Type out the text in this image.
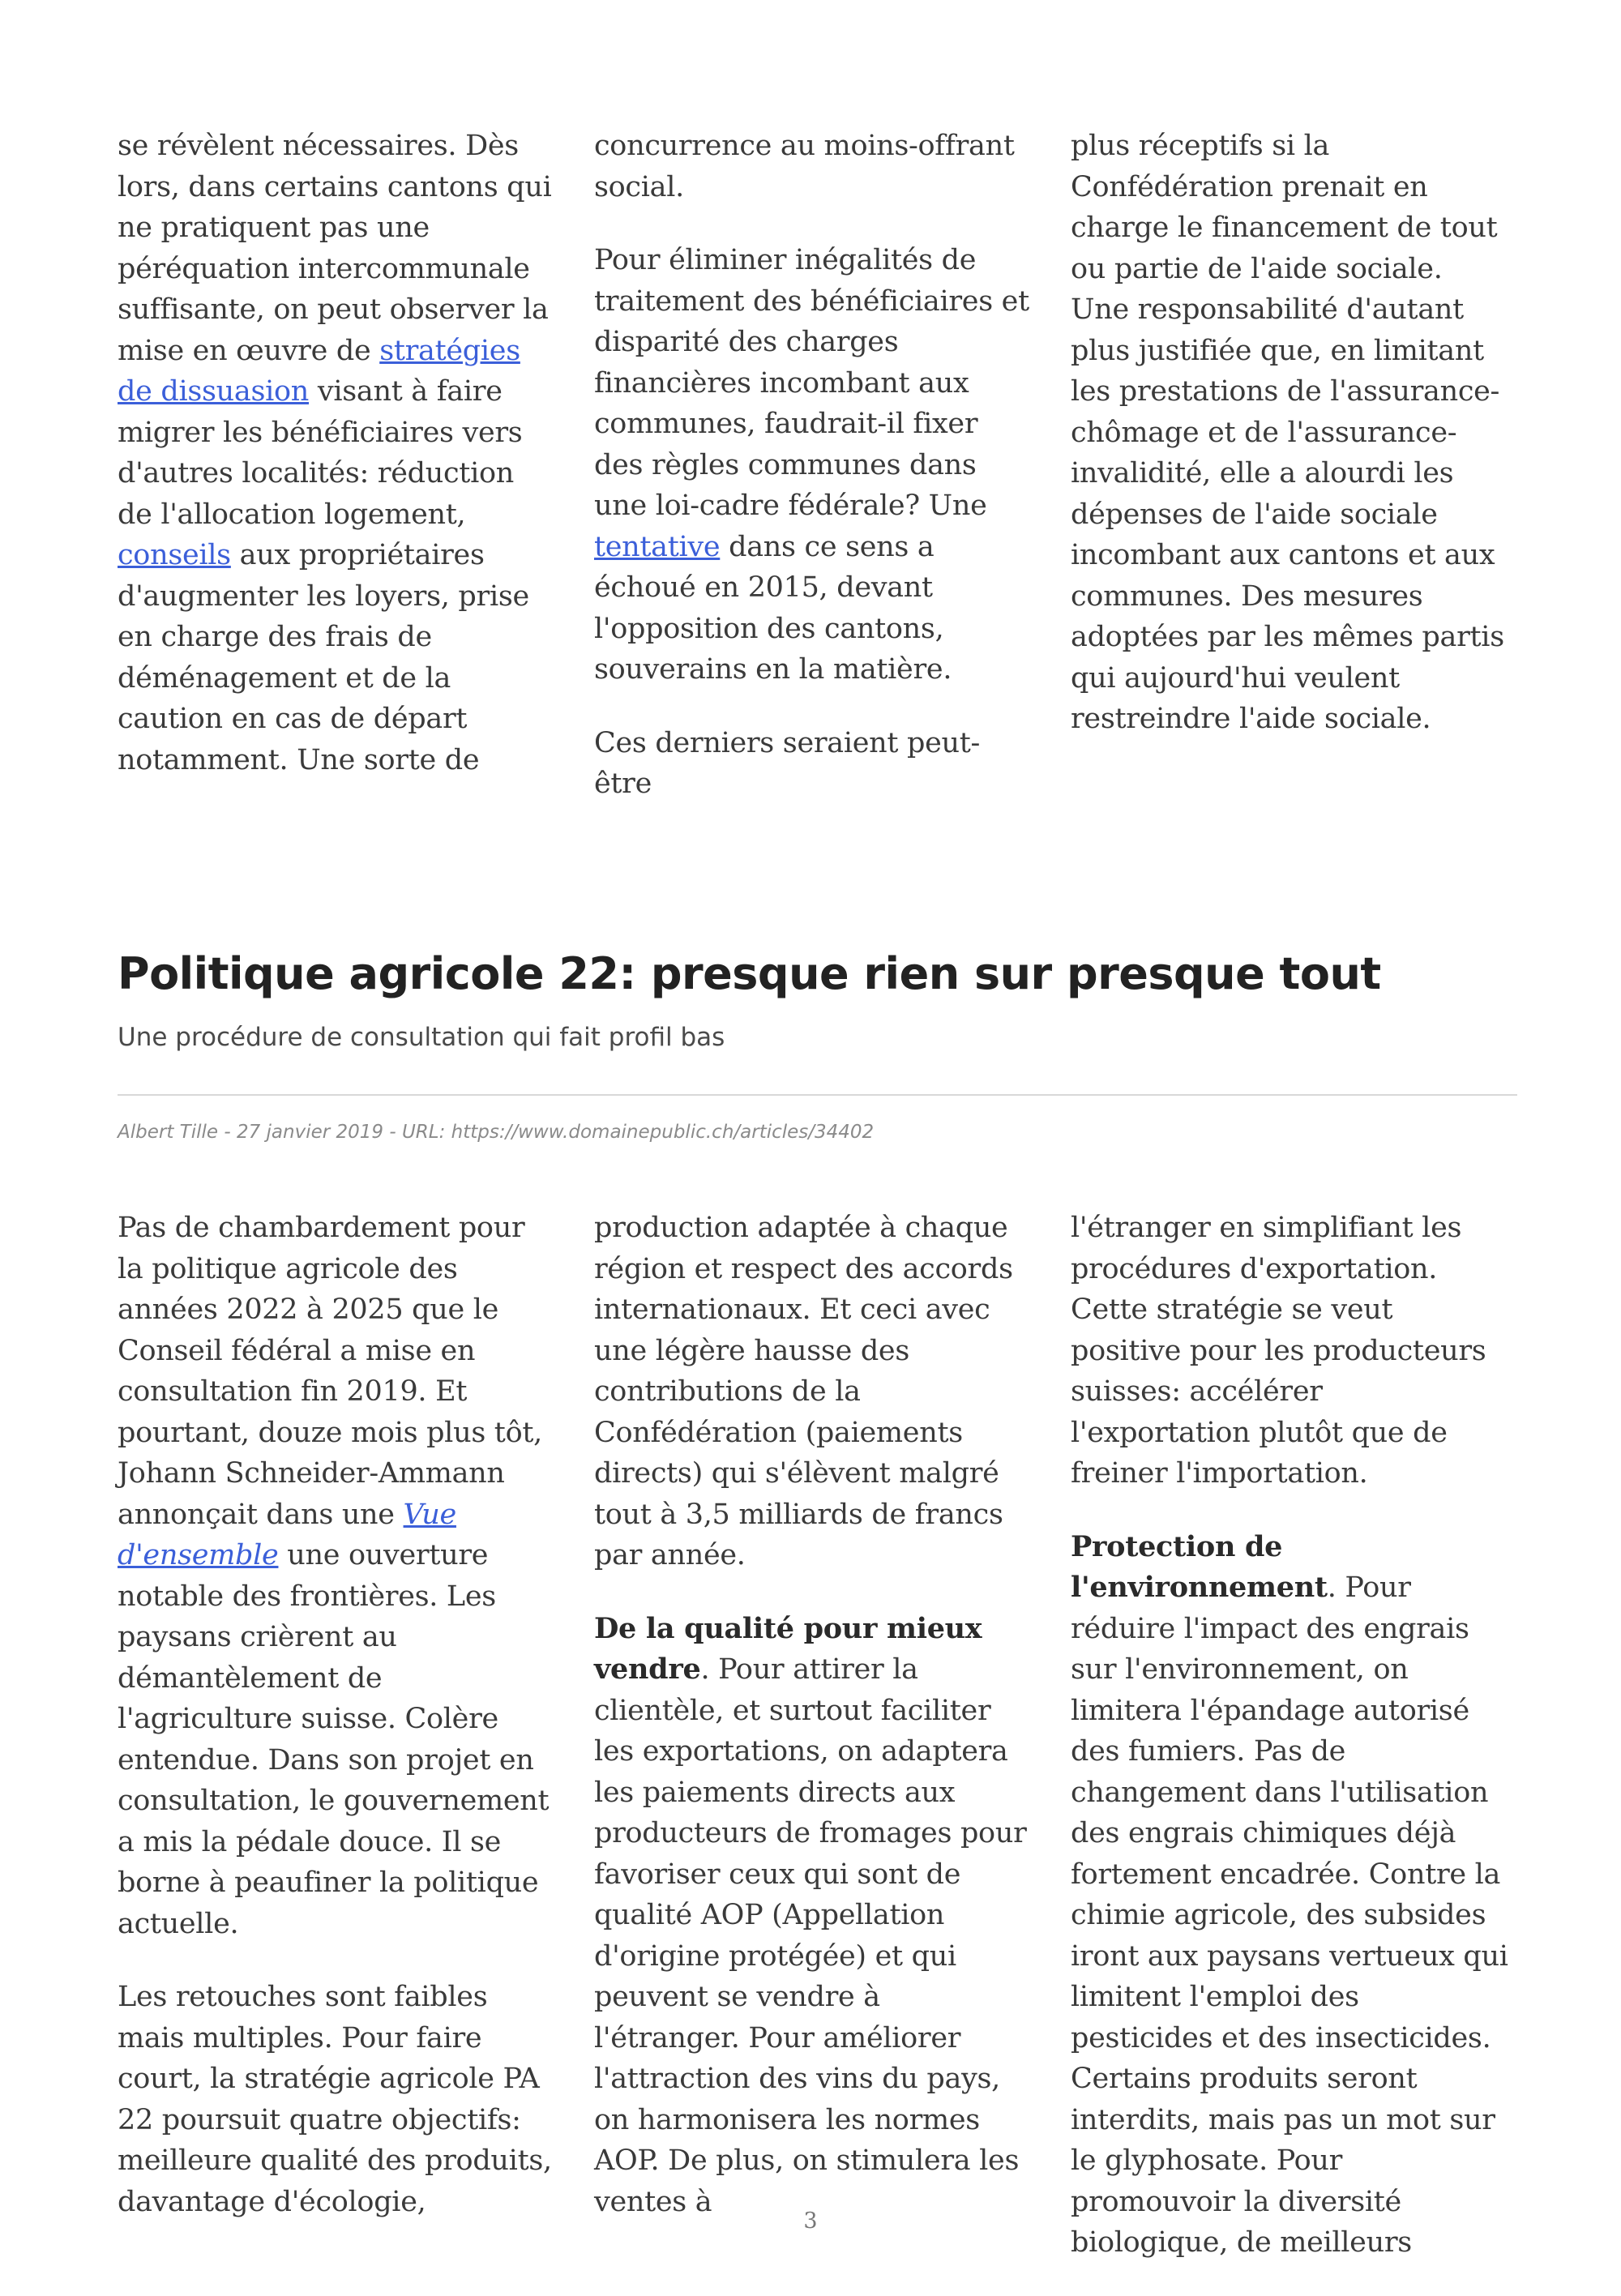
se révèlent nécessaires. Dès lors, dans certains cantons qui ne pratiquent pas une péréquation intercommunale suffisante, on peut observer la mise en œuvre de stratégies de dissuasion visant à faire migrer les bénéficiaires vers d'autres localités: réduction de l'allocation logement, conseils aux propriétaires d'augmenter les loyers, prise en charge des frais de déménagement et de la caution en cas de départ notamment. Une sorte de

concurrence au moins-offrant social.

Pour éliminer inégalités de traitement des bénéficiaires et disparité des charges financières incombant aux communes, faudrait-il fixer des règles communes dans une loi-cadre fédérale? Une tentative dans ce sens a échoué en 2015, devant l'opposition des cantons, souverains en la matière.

Ces derniers seraient peut-être

plus réceptifs si la Confédération prenait en charge le financement de tout ou partie de l'aide sociale. Une responsabilité d'autant plus justifiée que, en limitant les prestations de l'assurance-chômage et de l'assurance-invalidité, elle a alourdi les dépenses de l'aide sociale incombant aux cantons et aux communes. Des mesures adoptées par les mêmes partis qui aujourd'hui veulent restreindre l'aide sociale.

Politique agricole 22: presque rien sur presque tout
Une procédure de consultation qui fait profil bas
Albert Tille - 27 janvier 2019 - URL: https://www.domainepublic.ch/articles/34402

Pas de chambardement pour la politique agricole des années 2022 à 2025 que le Conseil fédéral a mise en consultation fin 2019. Et pourtant, douze mois plus tôt, Johann Schneider-Ammann annonçait dans une Vue d'ensemble une ouverture notable des frontières. Les paysans crièrent au démantèlement de l'agriculture suisse. Colère entendue. Dans son projet en consultation, le gouvernement a mis la pédale douce. Il se borne à peaufiner la politique actuelle.

Les retouches sont faibles mais multiples. Pour faire court, la stratégie agricole PA 22 poursuit quatre objectifs: meilleure qualité des produits, davantage d'écologie,

production adaptée à chaque région et respect des accords internationaux. Et ceci avec une légère hausse des contributions de la Confédération (paiements directs) qui s'élèvent malgré tout à 3,5 milliards de francs par année.

De la qualité pour mieux vendre. Pour attirer la clientèle, et surtout faciliter les exportations, on adaptera les paiements directs aux producteurs de fromages pour favoriser ceux qui sont de qualité AOP (Appellation d'origine protégée) et qui peuvent se vendre à l'étranger. Pour améliorer l'attraction des vins du pays, on harmonisera les normes AOP. De plus, on stimulera les ventes à

l'étranger en simplifiant les procédures d'exportation. Cette stratégie se veut positive pour les producteurs suisses: accélérer l'exportation plutôt que de freiner l'importation.

Protection de l'environnement. Pour réduire l'impact des engrais sur l'environnement, on limitera l'épandage autorisé des fumiers. Pas de changement dans l'utilisation des engrais chimiques déjà fortement encadrée. Contre la chimie agricole, des subsides iront aux paysans vertueux qui limitent l'emploi des pesticides et des insecticides. Certains produits seront interdits, mais pas un mot sur le glyphosate. Pour promouvoir la diversité biologique, de meilleurs

3
